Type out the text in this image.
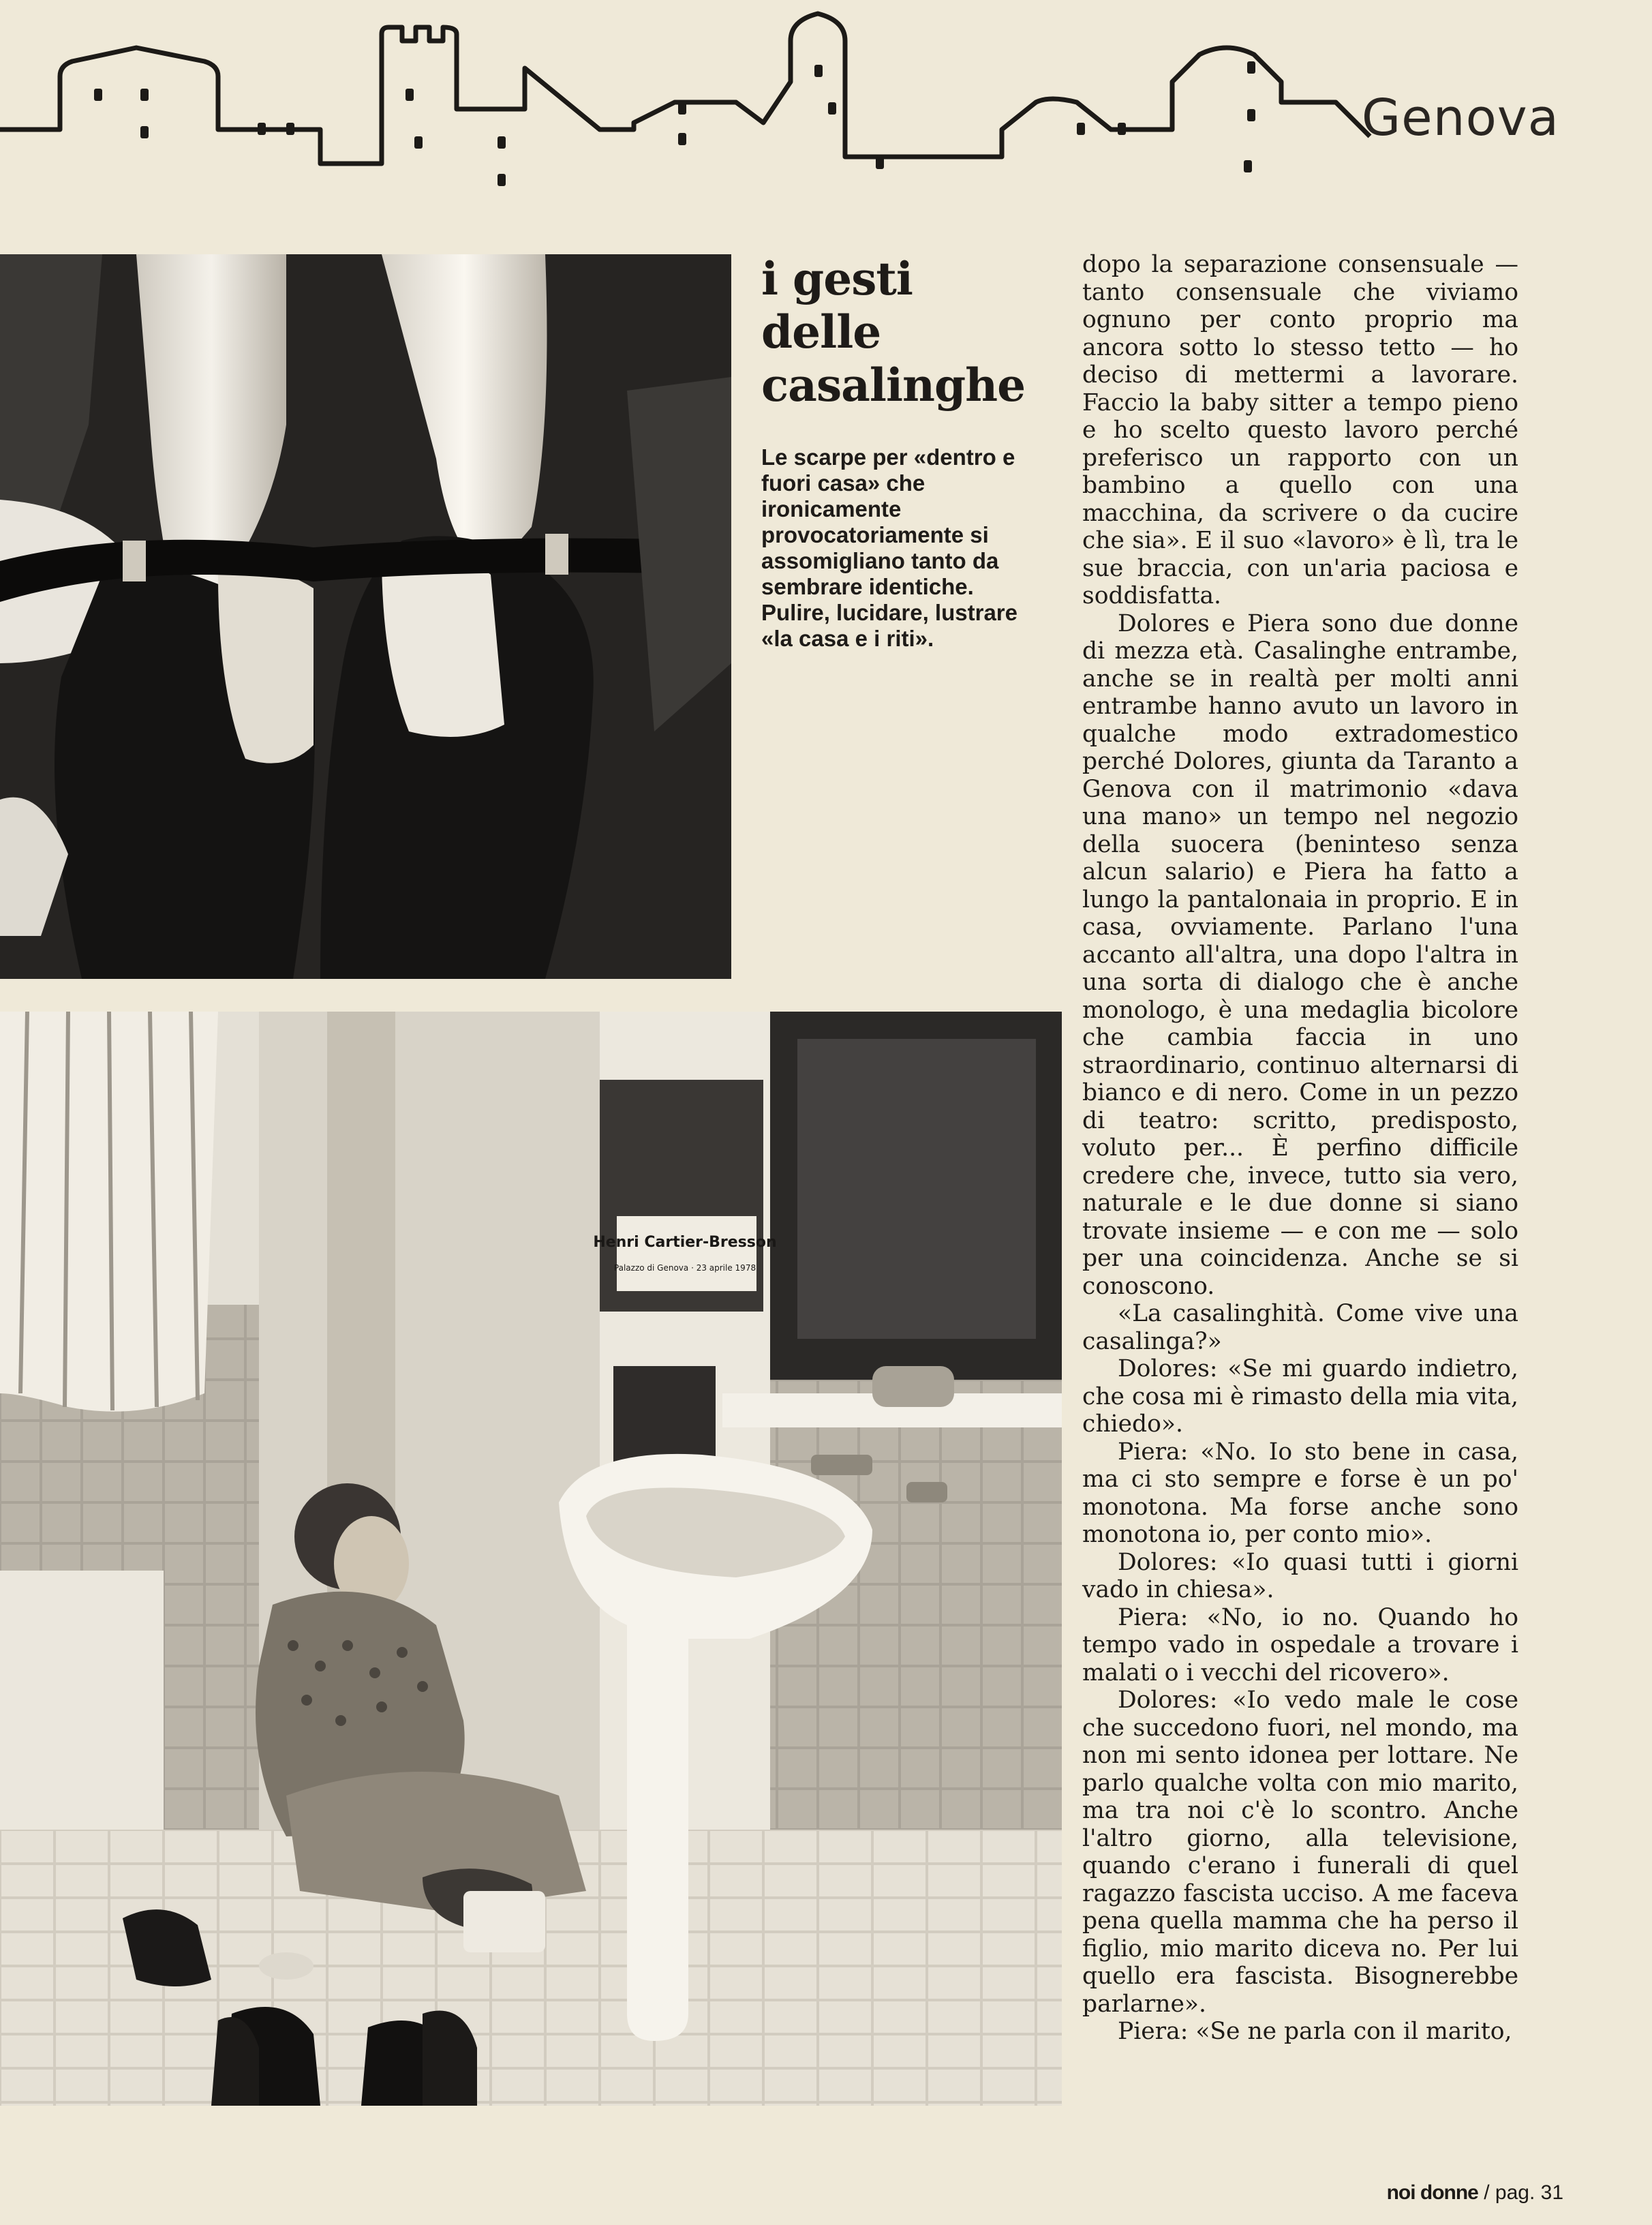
Genova
Henri Cartier-Bresson
Palazzo di Genova · 23 aprile 1978
i gesti
delle
casalinghe
Le scarpe per «dentro e fuori casa» che ironicamente provocatoriamente si assomigliano tanto da sembrare identiche. Pulire, lucidare, lustrare «la casa e i riti».

dopo la separazione consensuale — tanto consensuale che viviamo ognuno per conto proprio ma ancora sotto lo stesso tetto — ho deciso di mettermi a lavorare. Faccio la baby sitter a tempo pieno e ho scelto questo lavoro perché preferisco un rapporto con un bambino a quello con una macchina, da scrivere o da cucire che sia». E il suo «lavoro» è lì, tra le sue braccia, con un'aria paciosa e soddisfatta.

Dolores e Piera sono due donne di mezza età. Casalinghe entrambe, anche se in realtà per molti anni entrambe hanno avuto un lavoro in qualche modo extradomestico perché Dolores, giunta da Taranto a Genova con il matrimonio «dava una mano» un tempo nel negozio della suocera (beninteso senza alcun salario) e Piera ha fatto a lungo la pantalonaia in proprio. E in casa, ovviamente. Parlano l'una accanto all'altra, una dopo l'altra in una sorta di dialogo che è anche monologo, è una medaglia bicolore che cambia faccia in uno straordinario, continuo alternarsi di bianco e di nero. Come in un pezzo di teatro: scritto, predisposto, voluto per... È perfino difficile credere che, invece, tutto sia vero, naturale e le due donne si siano trovate insieme — e con me — solo per una coincidenza. Anche se si conoscono.

«La casalinghità. Come vive una casalinga?»

Dolores: «Se mi guardo indietro, che cosa mi è rimasto della mia vita, chiedo».

Piera: «No. Io sto bene in casa, ma ci sto sempre e forse è un po' monotona. Ma forse anche sono monotona io, per conto mio».

Dolores: «Io quasi tutti i giorni vado in chiesa».

Piera: «No, io no. Quando ho tempo vado in ospedale a trovare i malati o i vecchi del ricovero».

Dolores: «Io vedo male le cose che succedono fuori, nel mondo, ma non mi sento idonea per lottare. Ne parlo qualche volta con mio marito, ma tra noi c'è lo scontro. Anche l'altro giorno, alla televisione, quando c'erano i funerali di quel ragazzo fascista ucciso. A me faceva pena quella mamma che ha perso il figlio, mio marito diceva no. Per lui quello era fascista. Bisognerebbe parlarne».

Piera: «Se ne parla con il marito,

noi donne / pag. 31
